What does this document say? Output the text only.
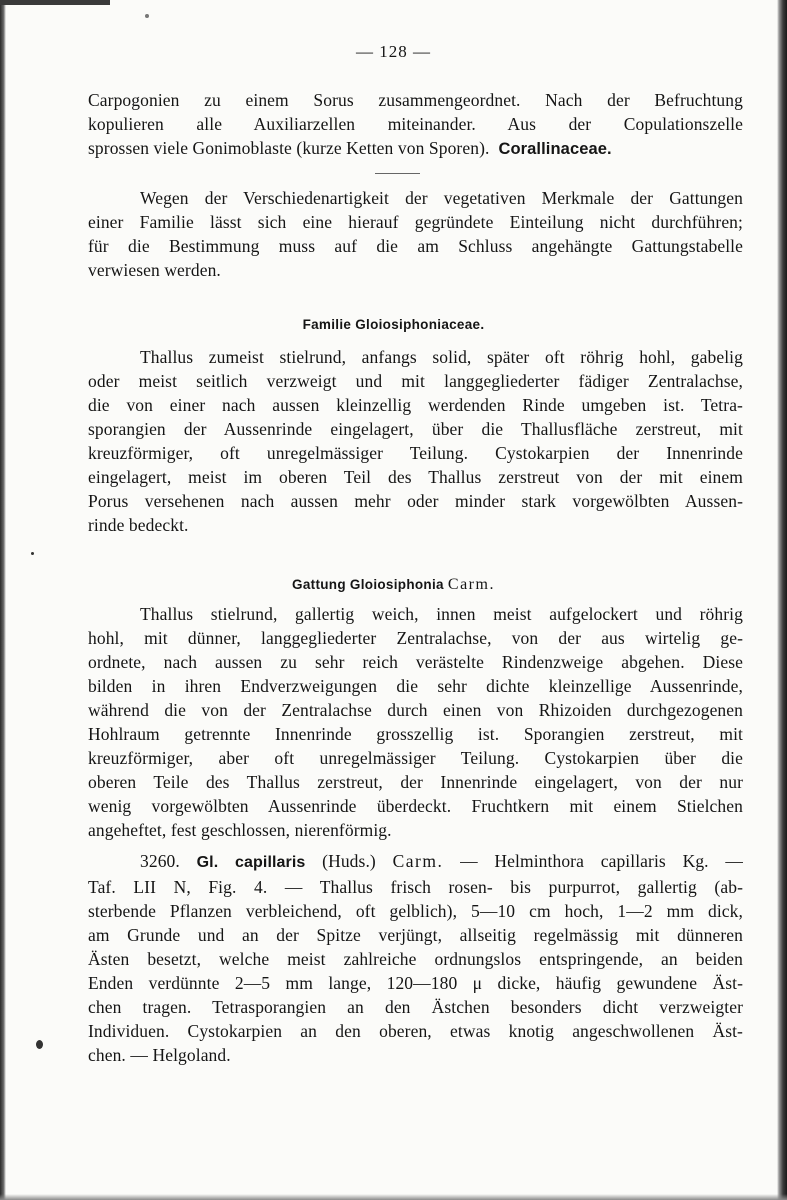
— 128 —
Carpogonien zu einem Sorus zusammengeordnet. Nach der Befruchtung
kopulieren alle Auxiliarzellen miteinander. Aus der Copulationszelle
sprossen viele Gonimoblaste (kurze Ketten von Sporen). Corallinaceae.
Wegen der Verschiedenartigkeit der vegetativen Merkmale der Gattungen
einer Familie lässt sich eine hierauf gegründete Einteilung nicht durchführen;
für die Bestimmung muss auf die am Schluss angehängte Gattungstabelle
verwiesen werden.
Familie Gloiosiphoniaceae.
Thallus zumeist stielrund, anfangs solid, später oft röhrig hohl, gabelig
oder meist seitlich verzweigt und mit langgegliederter fädiger Zentralachse,
die von einer nach aussen kleinzellig werdenden Rinde umgeben ist. Tetra-
sporangien der Aussenrinde eingelagert, über die Thallusfläche zerstreut, mit
kreuzförmiger, oft unregelmässiger Teilung. Cystokarpien der Innenrinde
eingelagert, meist im oberen Teil des Thallus zerstreut von der mit einem
Porus versehenen nach aussen mehr oder minder stark vorgewölbten Aussen-
rinde bedeckt.
Gattung Gloiosiphonia Carm.
Thallus stielrund, gallertig weich, innen meist aufgelockert und röhrig
hohl, mit dünner, langgegliederter Zentralachse, von der aus wirtelig ge-
ordnete, nach aussen zu sehr reich verästelte Rindenzweige abgehen. Diese
bilden in ihren Endverzweigungen die sehr dichte kleinzellige Aussenrinde,
während die von der Zentralachse durch einen von Rhizoiden durchgezogenen
Hohlraum getrennte Innenrinde grosszellig ist. Sporangien zerstreut, mit
kreuzförmiger, aber oft unregelmässiger Teilung. Cystokarpien über die
oberen Teile des Thallus zerstreut, der Innenrinde eingelagert, von der nur
wenig vorgewölbten Aussenrinde überdeckt. Fruchtkern mit einem Stielchen
angeheftet, fest geschlossen, nierenförmig.
3260. Gl. capillaris (Huds.) Carm. — Helminthora capillaris Kg. —
Taf. LII N, Fig. 4. — Thallus frisch rosen- bis purpurrot, gallertig (ab-
sterbende Pflanzen verbleichend, oft gelblich), 5—10 cm hoch, 1—2 mm dick,
am Grunde und an der Spitze verjüngt, allseitig regelmässig mit dünneren
Ästen besetzt, welche meist zahlreiche ordnungslos entspringende, an beiden
Enden verdünnte 2—5 mm lange, 120—180 μ dicke, häufig gewundene Äst-
chen tragen. Tetrasporangien an den Ästchen besonders dicht verzweigter
Individuen. Cystokarpien an den oberen, etwas knotig angeschwollenen Äst-
chen. — Helgoland.
